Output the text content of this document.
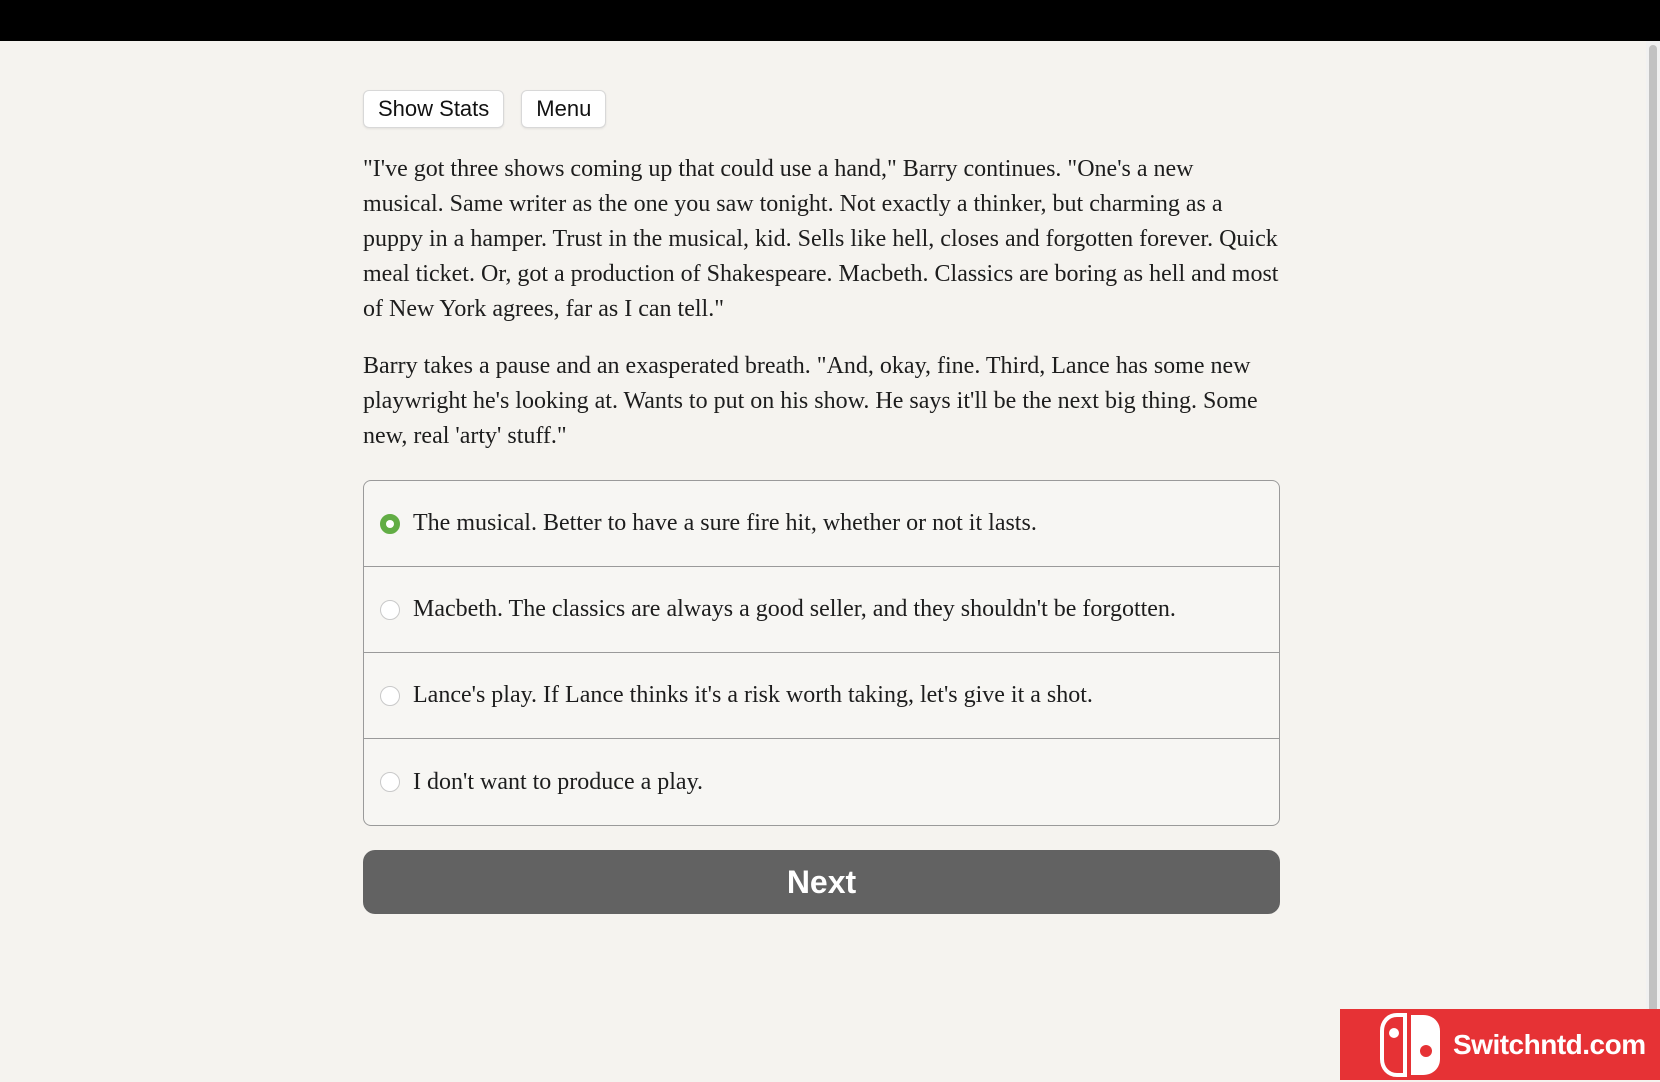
Show Stats	Menu

"I've got three shows coming up that could use a hand," Barry continues. "One's a new musical. Same writer as the one you saw tonight. Not exactly a thinker, but charming as a puppy in a hamper. Trust in the musical, kid. Sells like hell, closes and forgotten forever. Quick meal ticket. Or, got a production of Shakespeare. Macbeth. Classics are boring as hell and most of New York agrees, far as I can tell."

Barry takes a pause and an exasperated breath. "And, okay, fine. Third, Lance has some new playwright he's looking at. Wants to put on his show. He says it'll be the next big thing. Some new, real 'arty' stuff."

The musical. Better to have a sure fire hit, whether or not it lasts.
Macbeth. The classics are always a good seller, and they shouldn't be forgotten.
Lance's play. If Lance thinks it's a risk worth taking, let's give it a shot.
I don't want to produce a play.
Next
Switchntd.com
